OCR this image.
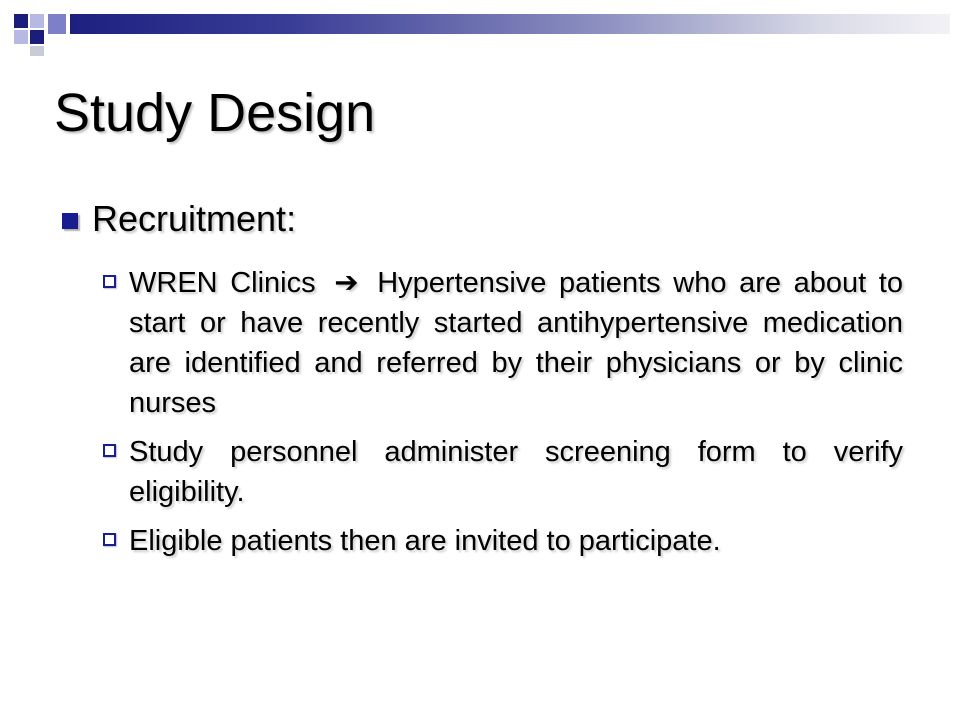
Study Design
Recruitment:
WREN Clinics ➔ Hypertensive patients who are about to start or have recently started antihypertensive medication are identified and referred by their physicians or by clinic nurses
Study personnel administer screening form to verify eligibility.
Eligible patients then are invited to participate.
